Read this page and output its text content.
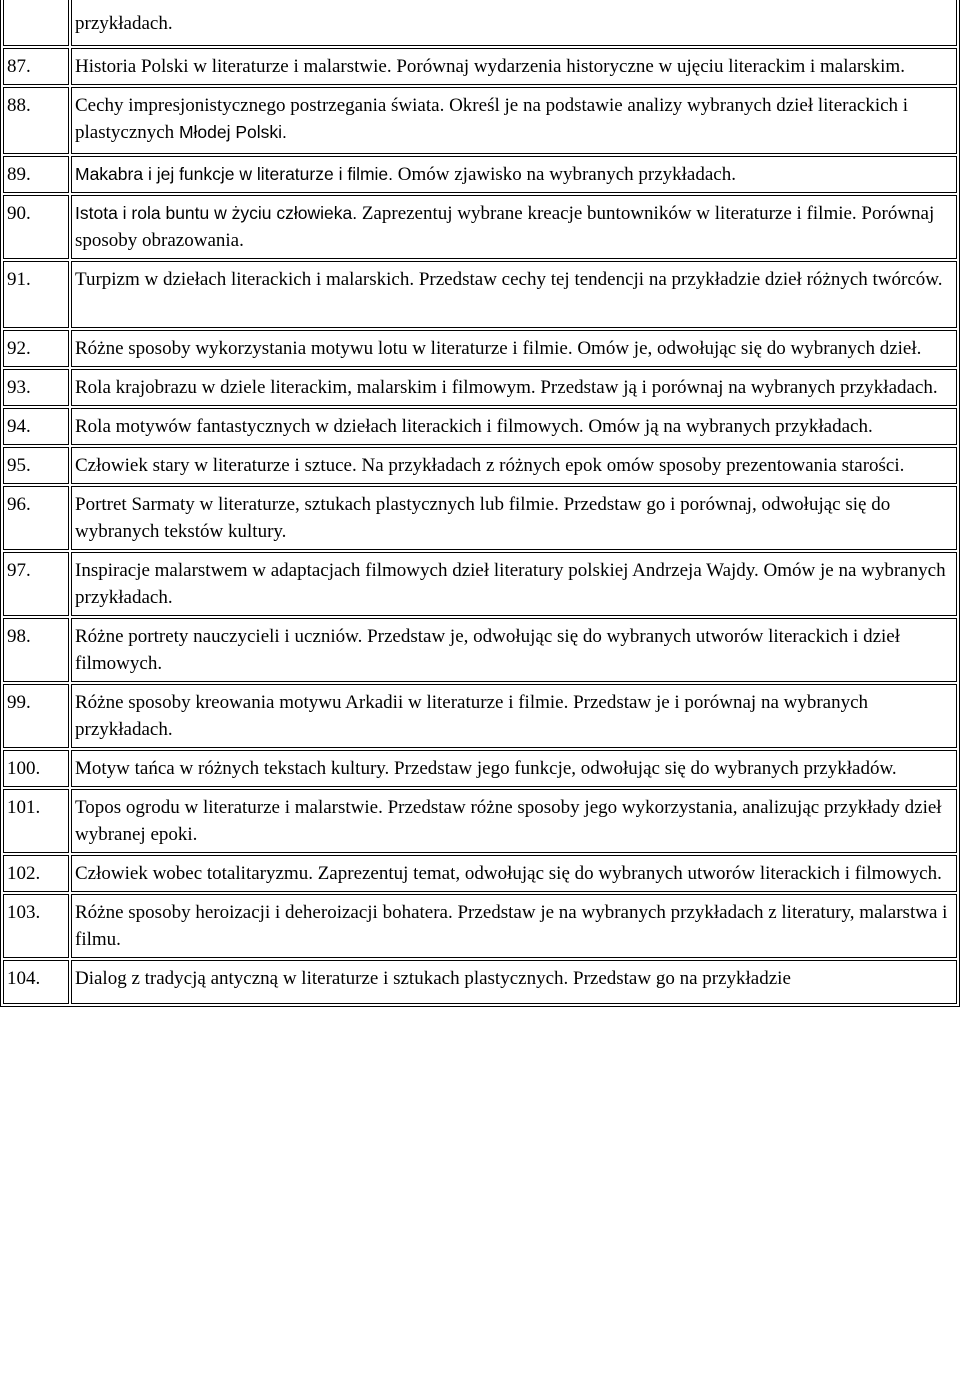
	przykładach.
87.	Historia Polski w literaturze i malarstwie. Porównaj wydarzenia historyczne w ujęciu literackim i malarskim.
88.	Cechy impresjonistycznego postrzegania świata. Określ je na podstawie analizy wybranych dzieł literackich i plastycznych Młodej Polski.
89.	Makabra i jej funkcje w literaturze i filmie. Omów zjawisko na wybranych przykładach.
90.	Istota i rola buntu w życiu człowieka. Zaprezentuj wybrane kreacje buntowników w literaturze i filmie. Porównaj sposoby obrazowania.
91.	Turpizm w dziełach literackich i malarskich. Przedstaw cechy tej tendencji na przykładzie dzieł różnych twórców.
92.	Różne sposoby wykorzystania motywu lotu w literaturze i filmie. Omów je, odwołując się do wybranych dzieł.
93.	Rola krajobrazu w dziele literackim, malarskim i filmowym. Przedstaw ją i porównaj na wybranych przykładach.
94.	Rola motywów fantastycznych w dziełach literackich i filmowych. Omów ją na wybranych przykładach.
95.	Człowiek stary w literaturze i sztuce. Na przykładach z różnych epok omów sposoby prezentowania starości.
96.	Portret Sarmaty w literaturze, sztukach plastycznych lub filmie. Przedstaw go i porównaj, odwołując się do wybranych tekstów kultury.
97.	Inspiracje malarstwem w adaptacjach filmowych dzieł literatury polskiej Andrzeja Wajdy. Omów je na wybranych przykładach.
98.	Różne portrety nauczycieli i uczniów. Przedstaw je, odwołując się do wybranych utworów literackich i dzieł filmowych.
99.	Różne sposoby kreowania motywu Arkadii w literaturze i filmie. Przedstaw je i porównaj na wybranych przykładach.
100.	Motyw tańca w różnych tekstach kultury. Przedstaw jego funkcje, odwołując się do wybranych przykładów.
101.	Topos ogrodu w literaturze i malarstwie. Przedstaw różne sposoby jego wykorzystania, analizując przykłady dzieł wybranej epoki.
102.	Człowiek wobec totalitaryzmu. Zaprezentuj temat, odwołując się do wybranych utworów literackich i filmowych.
103.	Różne sposoby heroizacji i deheroizacji bohatera. Przedstaw je na wybranych przykładach z literatury, malarstwa i filmu.
104.	Dialog z tradycją antyczną w literaturze i sztukach plastycznych. Przedstaw go na przykładzie
